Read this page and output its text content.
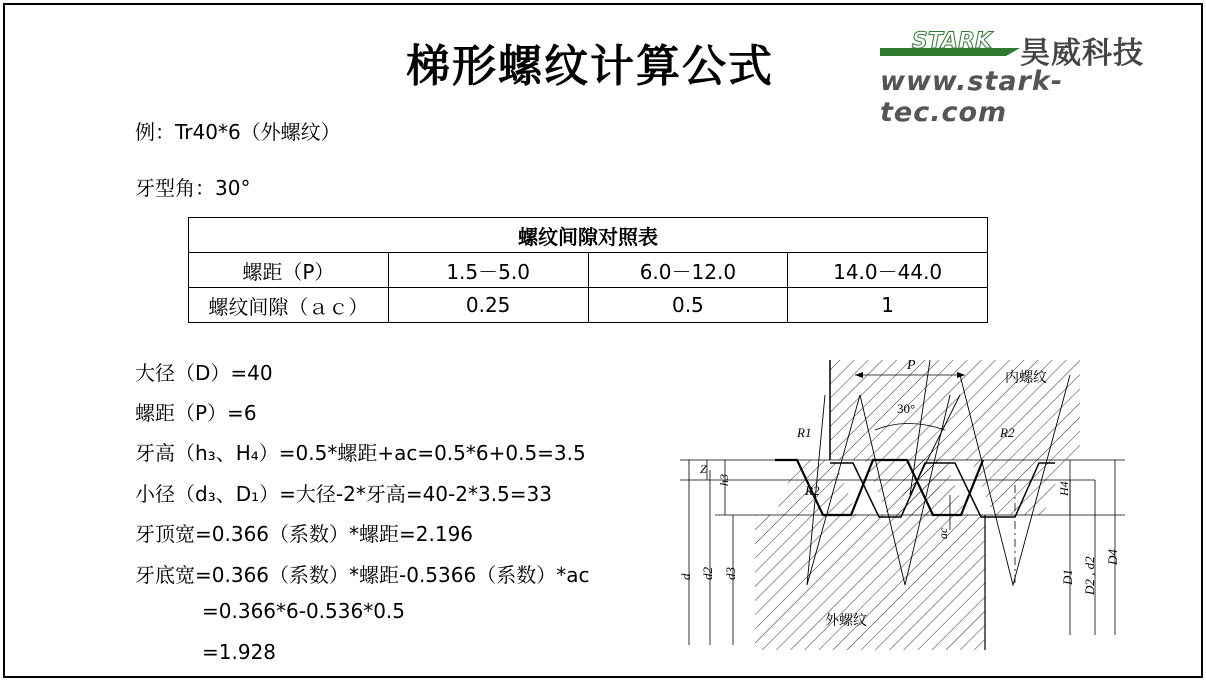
梯形螺纹计算公式	STARK 昊威科技
www.stark-tec.com
例：Tr40*6（外螺纹）
牙型角：30°
螺纹间隙对照表			
螺距（P）	1.5－5.0	6.0－12.0	14.0－44.0
螺纹间隙（ａｃ）	0.25	0.5	1
大径（D）=40
螺距（P）=6
牙高（h₃、H₄）=0.5*螺距+ac=0.5*6+0.5=3.5
小径（d₃、D₁）=大径-2*牙高=40-2*3.5=33
牙顶宽=0.366（系数）*螺距=2.196
牙底宽=0.366（系数）*螺距-0.5366（系数）*ac
=0.366*6-0.536*0.5
=1.928
P
30°
内螺纹
外螺纹
R1
R2
R2
Z
h3
H4
ac
d d2 d3	D1 D2 , d2 D4
